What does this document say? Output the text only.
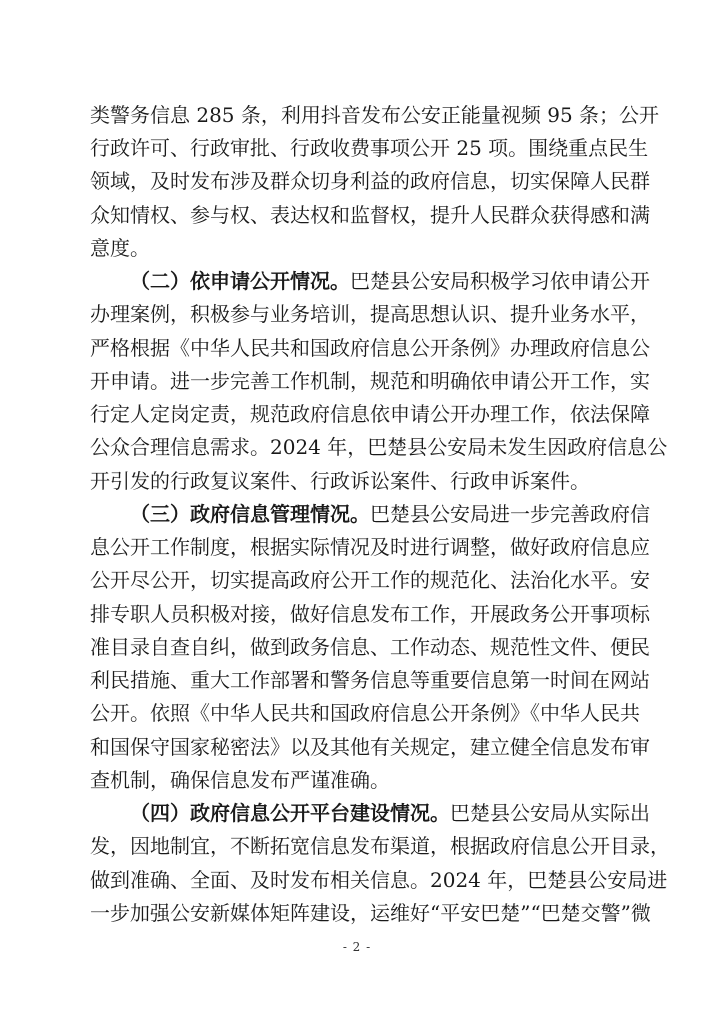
类警务信息 285 条，利用抖音发布公安正能量视频 95 条；公开
行政许可、行政审批、行政收费事项公开 25 项。围绕重点民生
领域，及时发布涉及群众切身利益的政府信息，切实保障人民群
众知情权、参与权、表达权和监督权，提升人民群众获得感和满
意度。
（二）依申请公开情况。巴楚县公安局积极学习依申请公开
办理案例，积极参与业务培训，提高思想认识、提升业务水平，
严格根据《中华人民共和国政府信息公开条例》办理政府信息公
开申请。进一步完善工作机制，规范和明确依申请公开工作，实
行定人定岗定责，规范政府信息依申请公开办理工作，依法保障
公众合理信息需求。2024 年，巴楚县公安局未发生因政府信息公
开引发的行政复议案件、行政诉讼案件、行政申诉案件。
（三）政府信息管理情况。巴楚县公安局进一步完善政府信
息公开工作制度，根据实际情况及时进行调整，做好政府信息应
公开尽公开，切实提高政府公开工作的规范化、法治化水平。安
排专职人员积极对接，做好信息发布工作，开展政务公开事项标
准目录自查自纠，做到政务信息、工作动态、规范性文件、便民
利民措施、重大工作部署和警务信息等重要信息第一时间在网站
公开。依照《中华人民共和国政府信息公开条例》《中华人民共
和国保守国家秘密法》以及其他有关规定，建立健全信息发布审
查机制，确保信息发布严谨准确。
（四）政府信息公开平台建设情况。巴楚县公安局从实际出
发，因地制宜，不断拓宽信息发布渠道，根据政府信息公开目录，
做到准确、全面、及时发布相关信息。2024 年，巴楚县公安局进
一步加强公安新媒体矩阵建设，运维好“平安巴楚”“巴楚交警”微
- 2 -
